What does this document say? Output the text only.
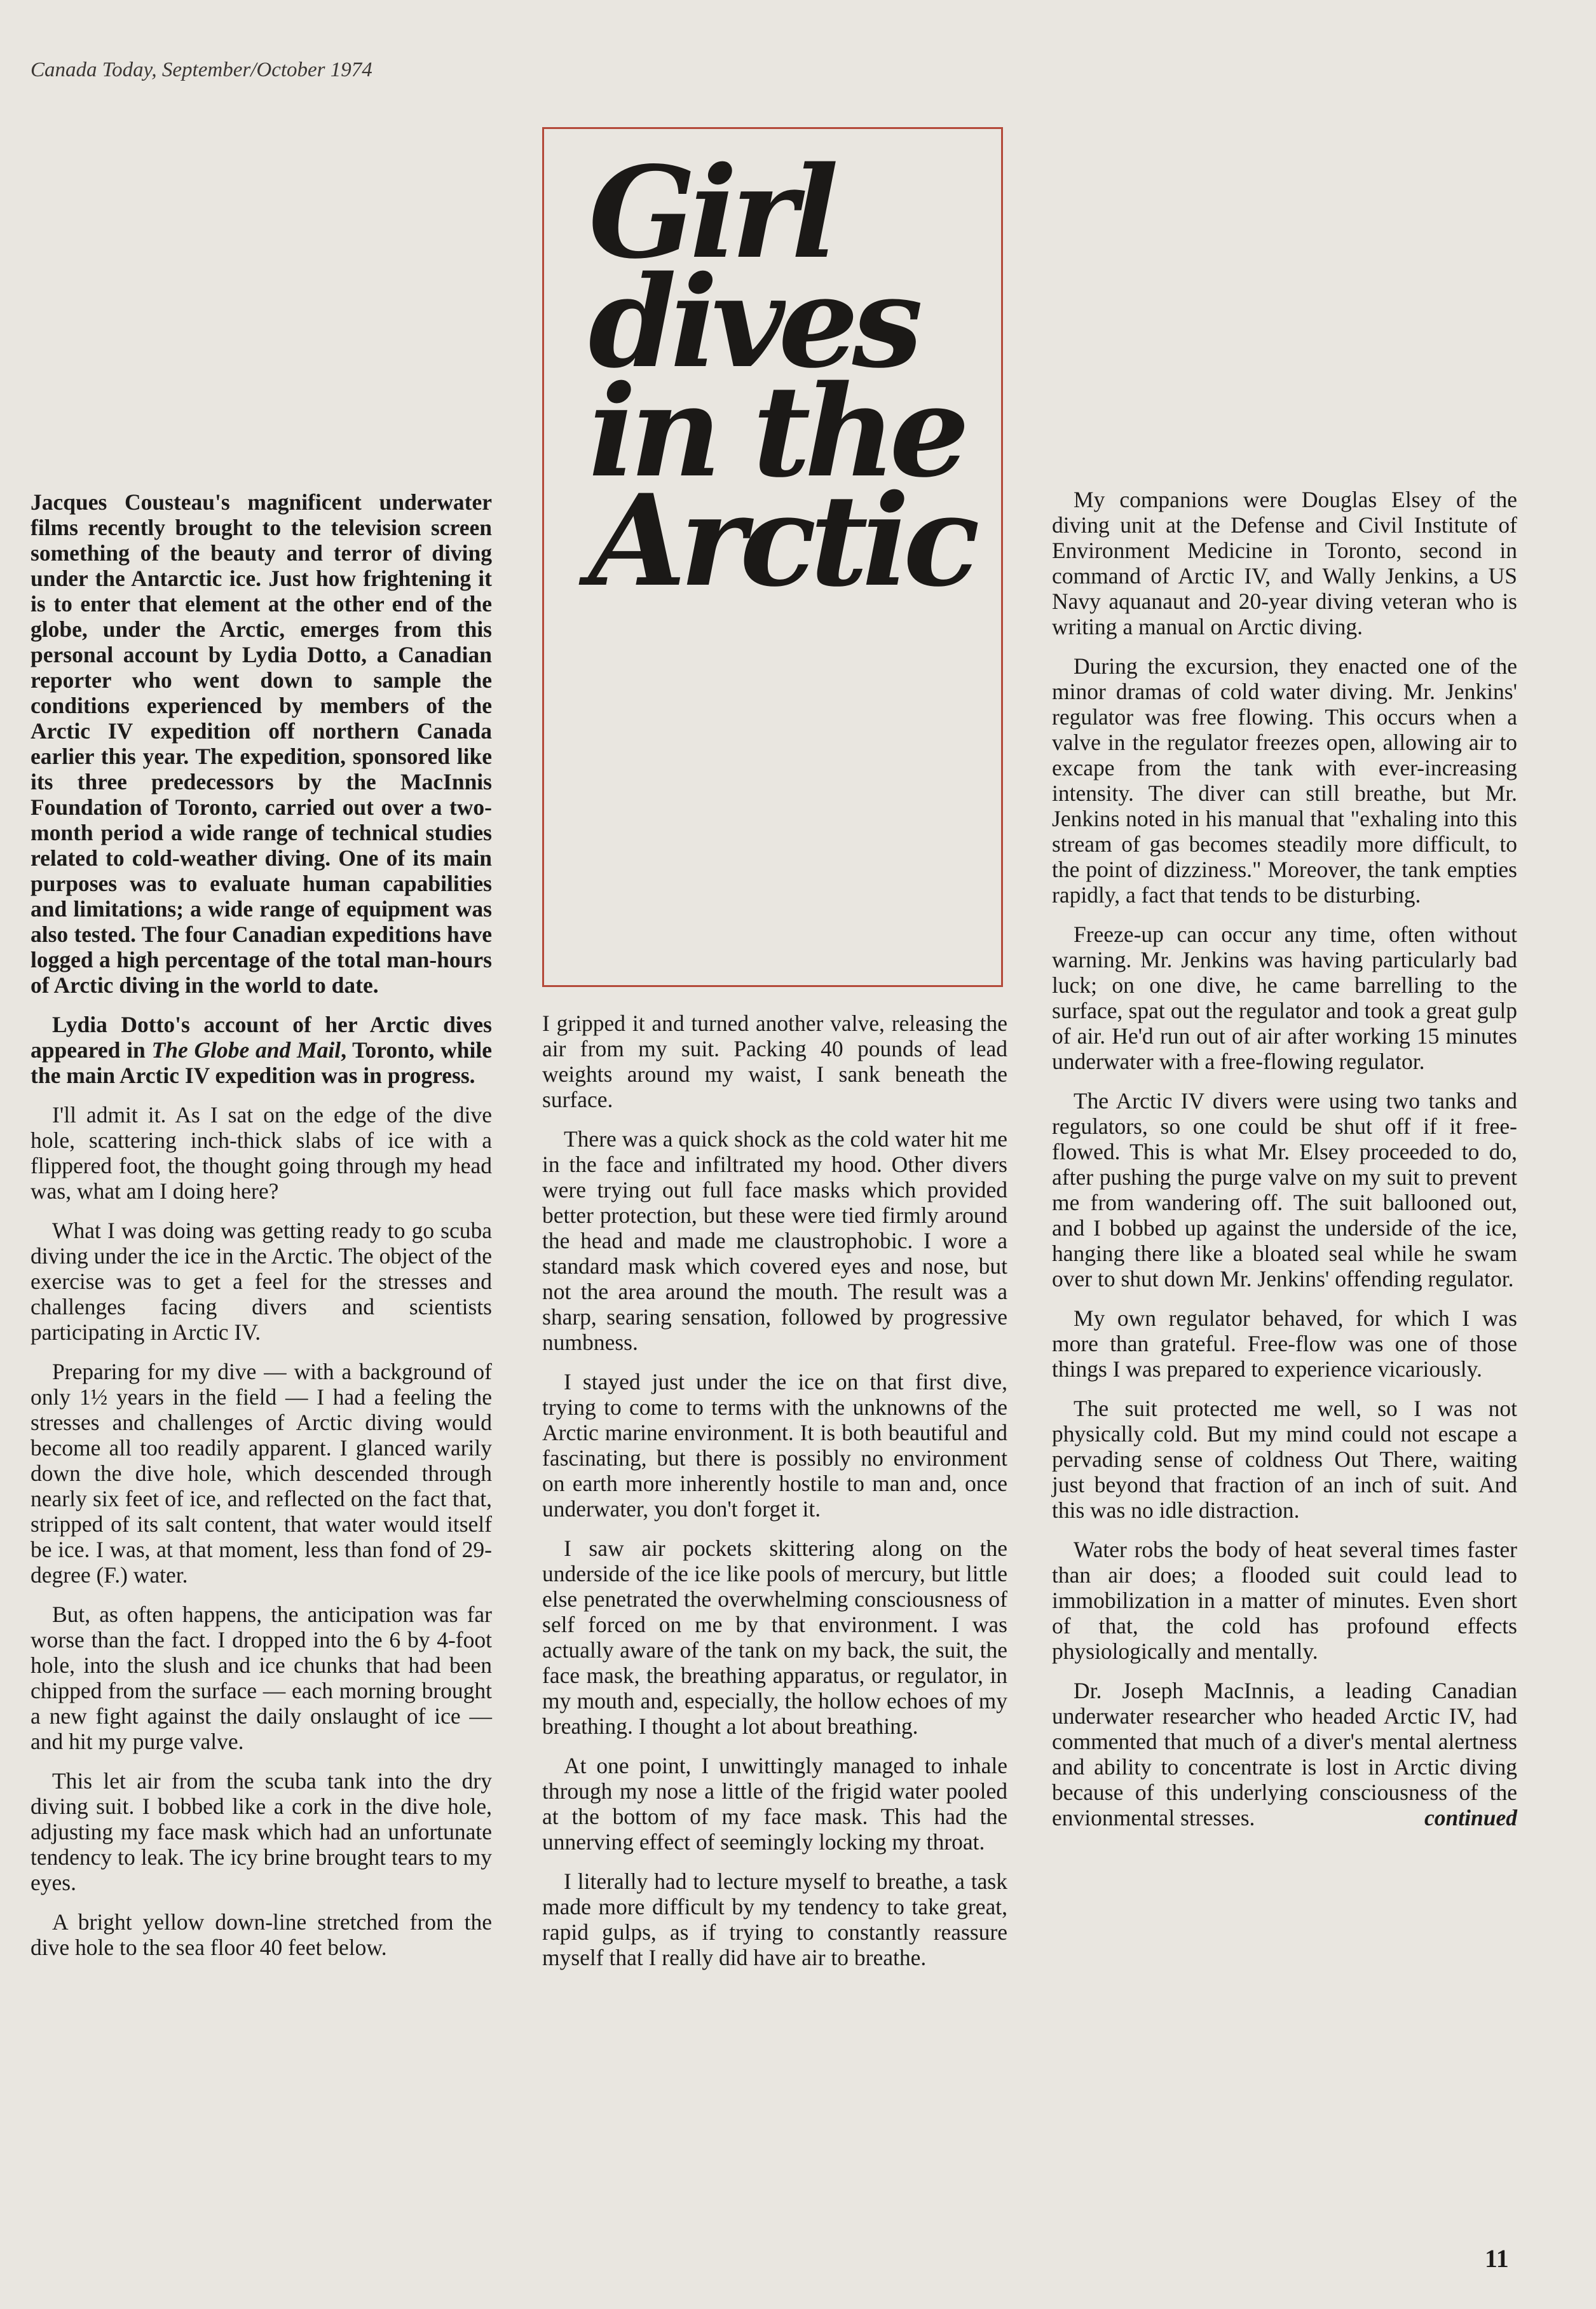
Canada Today, September/October 1974
Girl
dives
in the
Arctic

Jacques Cousteau's magnificent underwater films recently brought to the television screen something of the beauty and terror of diving under the Antarctic ice. Just how frightening it is to enter that element at the other end of the globe, under the Arctic, emerges from this personal account by Lydia Dotto, a Canadian reporter who went down to sample the conditions experienced by members of the Arctic IV expedition off northern Canada earlier this year. The expedition, sponsored like its three predecessors by the MacInnis Foundation of Toronto, carried out over a two-month period a wide range of technical studies related to cold-weather diving. One of its main purposes was to evaluate human capabilities and limitations; a wide range of equipment was also tested. The four Canadian expeditions have logged a high percentage of the total man-hours of Arctic diving in the world to date.

Lydia Dotto's account of her Arctic dives appeared in The Globe and Mail, Toronto, while the main Arctic IV expedition was in progress.

I'll admit it. As I sat on the edge of the dive hole, scattering inch-thick slabs of ice with a flippered foot, the thought going through my head was, what am I doing here?

What I was doing was getting ready to go scuba diving under the ice in the Arctic. The object of the exercise was to get a feel for the stresses and challenges facing divers and scientists participating in Arctic IV.

Preparing for my dive — with a background of only 1½ years in the field — I had a feeling the stresses and challenges of Arctic diving would become all too readily apparent. I glanced warily down the dive hole, which descended through nearly six feet of ice, and reflected on the fact that, stripped of its salt content, that water would itself be ice. I was, at that moment, less than fond of 29-degree (F.) water.

But, as often happens, the anticipation was far worse than the fact. I dropped into the 6 by 4-foot hole, into the slush and ice chunks that had been chipped from the surface — each morning brought a new fight against the daily onslaught of ice — and hit my purge valve.

This let air from the scuba tank into the dry diving suit. I bobbed like a cork in the dive hole, adjusting my face mask which had an unfortunate tendency to leak. The icy brine brought tears to my eyes.

A bright yellow down-line stretched from the dive hole to the sea floor 40 feet below.

I gripped it and turned another valve, releasing the air from my suit. Packing 40 pounds of lead weights around my waist, I sank beneath the surface.

There was a quick shock as the cold water hit me in the face and infiltrated my hood. Other divers were trying out full face masks which provided better protection, but these were tied firmly around the head and made me claustrophobic. I wore a standard mask which covered eyes and nose, but not the area around the mouth. The result was a sharp, searing sensation, followed by progressive numbness.

I stayed just under the ice on that first dive, trying to come to terms with the unknowns of the Arctic marine environment. It is both beautiful and fascinating, but there is possibly no environment on earth more inherently hostile to man and, once underwater, you don't forget it.

I saw air pockets skittering along on the underside of the ice like pools of mercury, but little else penetrated the overwhelming consciousness of self forced on me by that environment. I was actually aware of the tank on my back, the suit, the face mask, the breathing apparatus, or regulator, in my mouth and, especially, the hollow echoes of my breathing. I thought a lot about breathing.

At one point, I unwittingly managed to inhale through my nose a little of the frigid water pooled at the bottom of my face mask. This had the unnerving effect of seemingly locking my throat.

I literally had to lecture myself to breathe, a task made more difficult by my tendency to take great, rapid gulps, as if trying to constantly reassure myself that I really did have air to breathe.

My companions were Douglas Elsey of the diving unit at the Defense and Civil Institute of Environment Medicine in Toronto, second in command of Arctic IV, and Wally Jenkins, a US Navy aquanaut and 20-year diving veteran who is writing a manual on Arctic diving.

During the excursion, they enacted one of the minor dramas of cold water diving. Mr. Jenkins' regulator was free flowing. This occurs when a valve in the regulator freezes open, allowing air to excape from the tank with ever-increasing intensity. The diver can still breathe, but Mr. Jenkins noted in his manual that "exhaling into this stream of gas becomes steadily more difficult, to the point of dizziness." Moreover, the tank empties rapidly, a fact that tends to be disturbing.

Freeze-up can occur any time, often without warning. Mr. Jenkins was having particularly bad luck; on one dive, he came barrelling to the surface, spat out the regulator and took a great gulp of air. He'd run out of air after working 15 minutes underwater with a free-flowing regulator.

The Arctic IV divers were using two tanks and regulators, so one could be shut off if it free-flowed. This is what Mr. Elsey proceeded to do, after pushing the purge valve on my suit to prevent me from wandering off. The suit ballooned out, and I bobbed up against the underside of the ice, hanging there like a bloated seal while he swam over to shut down Mr. Jenkins' offending regulator.

My own regulator behaved, for which I was more than grateful. Free-flow was one of those things I was prepared to experience vicariously.

The suit protected me well, so I was not physically cold. But my mind could not escape a pervading sense of coldness Out There, waiting just beyond that fraction of an inch of suit. And this was no idle distraction.

Water robs the body of heat several times faster than air does; a flooded suit could lead to immobilization in a matter of minutes. Even short of that, the cold has profound effects physiologically and mentally.

Dr. Joseph MacInnis, a leading Canadian underwater researcher who headed Arctic IV, had commented that much of a diver's mental alertness and ability to concentrate is lost in Arctic diving because of this underlying consciousness of the envionmental stresses.	continued

11
